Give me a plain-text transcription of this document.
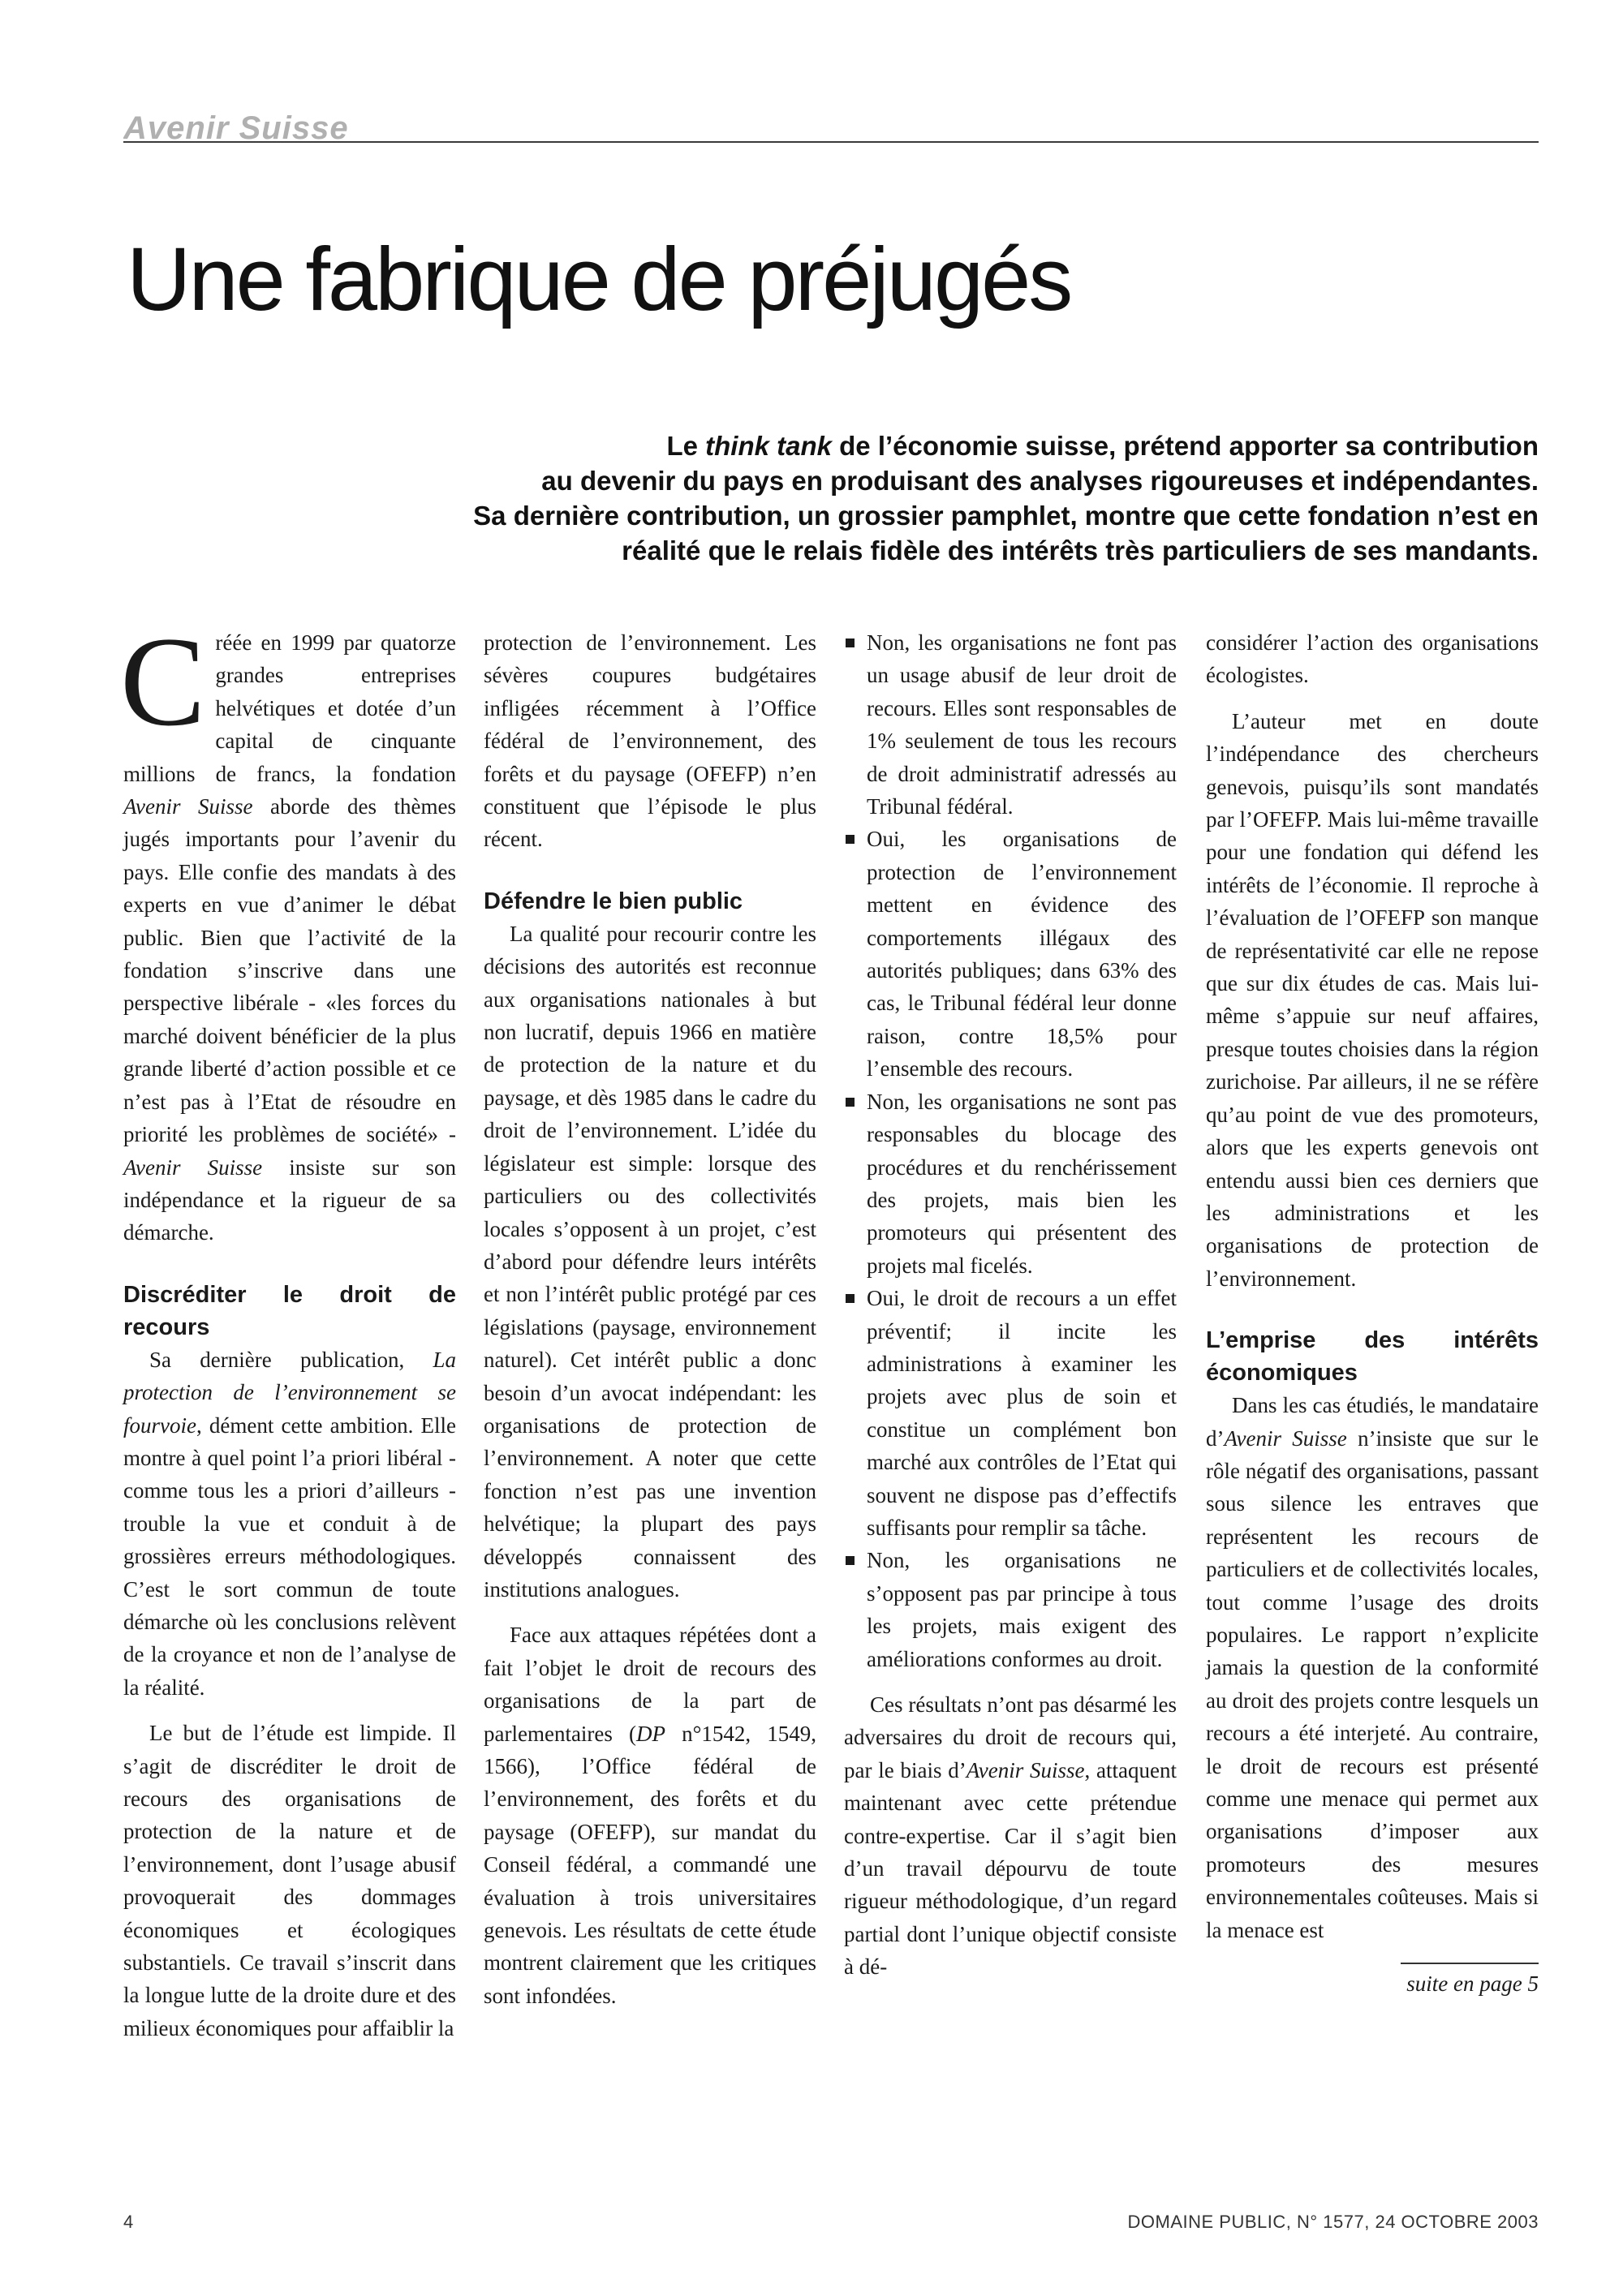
Avenir Suisse
Une fabrique de préjugés
Le think tank de l’économie suisse, prétend apporter sa contribution
au devenir du pays en produisant des analyses rigoureuses et indépendantes.
Sa dernière contribution, un grossier pamphlet, montre que cette fondation n’est en
réalité que le relais fidèle des intérêts très particuliers de ses mandants.

Créée en 1999 par quatorze grandes entreprises helvétiques et dotée d’un capital de cinquante millions de francs, la fondation Avenir Suisse aborde des thèmes jugés importants pour l’avenir du pays. Elle confie des mandats à des experts en vue d’animer le débat public. Bien que l’activité de la fondation s’inscrive dans une perspective libérale - «les forces du marché doivent bénéficier de la plus grande liberté d’action possible et ce n’est pas à l’Etat de résoudre en priorité les problèmes de société» - Avenir Suisse insiste sur son indépendance et la rigueur de sa démarche.

Discréditer le droit de recours

Sa dernière publication, La protection de l’environnement se fourvoie, dément cette ambition. Elle montre à quel point l’a priori libéral - comme tous les a priori d’ailleurs - trouble la vue et conduit à de grossières erreurs méthodologiques. C’est le sort commun de toute démarche où les conclusions relèvent de la croyance et non de l’analyse de la réalité.

Le but de l’étude est limpide. Il s’agit de discréditer le droit de recours des organisations de protection de la nature et de l’environnement, dont l’usage abusif provoquerait des dommages économiques et écologiques substantiels. Ce travail s’inscrit dans la longue lutte de la droite dure et des milieux économiques pour affaiblir la

protection de l’environnement. Les sévères coupures budgétaires infligées récemment à l’Office fédéral de l’environnement, des forêts et du paysage (OFEFP) n’en constituent que l’épisode le plus récent.

Défendre le bien public

La qualité pour recourir contre les décisions des autorités est reconnue aux organisations nationales à but non lucratif, depuis 1966 en matière de protection de la nature et du paysage, et dès 1985 dans le cadre du droit de l’environnement. L’idée du législateur est simple: lorsque des particuliers ou des collectivités locales s’opposent à un projet, c’est d’abord pour défendre leurs intérêts et non l’intérêt public protégé par ces législations (paysage, environnement naturel). Cet intérêt public a donc besoin d’un avocat indépendant: les organisations de protection de l’environnement. A noter que cette fonction n’est pas une invention helvétique; la plupart des pays développés connaissent des institutions analogues.

Face aux attaques répétées dont a fait l’objet le droit de recours des organisations de la part de parlementaires (DP n°1542, 1549, 1566), l’Office fédéral de l’environnement, des forêts et du paysage (OFEFP), sur mandat du Conseil fédéral, a commandé une évaluation à trois universitaires genevois. Les résultats de cette étude montrent clairement que les critiques sont infondées.

Non, les organisations ne font pas un usage abusif de leur droit de recours. Elles sont responsables de 1% seulement de tous les recours de droit administratif adressés au Tribunal fédéral.
Oui, les organisations de protection de l’environnement mettent en évidence des comportements illégaux des autorités publiques; dans 63% des cas, le Tribunal fédéral leur donne raison, contre 18,5% pour l’ensemble des recours.
Non, les organisations ne sont pas responsables du blocage des procédures et du renchérissement des projets, mais bien les promoteurs qui présentent des projets mal ficelés.
Oui, le droit de recours a un effet préventif; il incite les administrations à examiner les projets avec plus de soin et constitue un complément bon marché aux contrôles de l’Etat qui souvent ne dispose pas d’effectifs suffisants pour remplir sa tâche.
Non, les organisations ne s’opposent pas par principe à tous les projets, mais exigent des améliorations conformes au droit.

Ces résultats n’ont pas désarmé les adversaires du droit de recours qui, par le biais d’Avenir Suisse, attaquent maintenant avec cette prétendue contre-expertise. Car il s’agit bien d’un travail dépourvu de toute rigueur méthodologique, d’un regard partial dont l’unique objectif consiste à dé-

considérer l’action des organisations écologistes.

L’auteur met en doute l’indépendance des chercheurs genevois, puisqu’ils sont mandatés par l’OFEFP. Mais lui-même travaille pour une fondation qui défend les intérêts de l’économie. Il reproche à l’évaluation de l’OFEFP son manque de représentativité car elle ne repose que sur dix études de cas. Mais lui-même s’appuie sur neuf affaires, presque toutes choisies dans la région zurichoise. Par ailleurs, il ne se réfère qu’au point de vue des promoteurs, alors que les experts genevois ont entendu aussi bien ces derniers que les administrations et les organisations de protection de l’environnement.

L’emprise des intérêts économiques

Dans les cas étudiés, le mandataire d’Avenir Suisse n’insiste que sur le rôle négatif des organisations, passant sous silence les entraves que représentent les recours de particuliers et de collectivités locales, tout comme l’usage des droits populaires. Le rapport n’explicite jamais la question de la conformité au droit des projets contre lesquels un recours a été interjeté. Au contraire, le droit de recours est présenté comme une menace qui permet aux organisations d’imposer aux promoteurs des mesures environnementales coûteuses. Mais si la menace est

suite en page 5
4	DOMAINE PUBLIC, N° 1577, 24 OCTOBRE 2003
